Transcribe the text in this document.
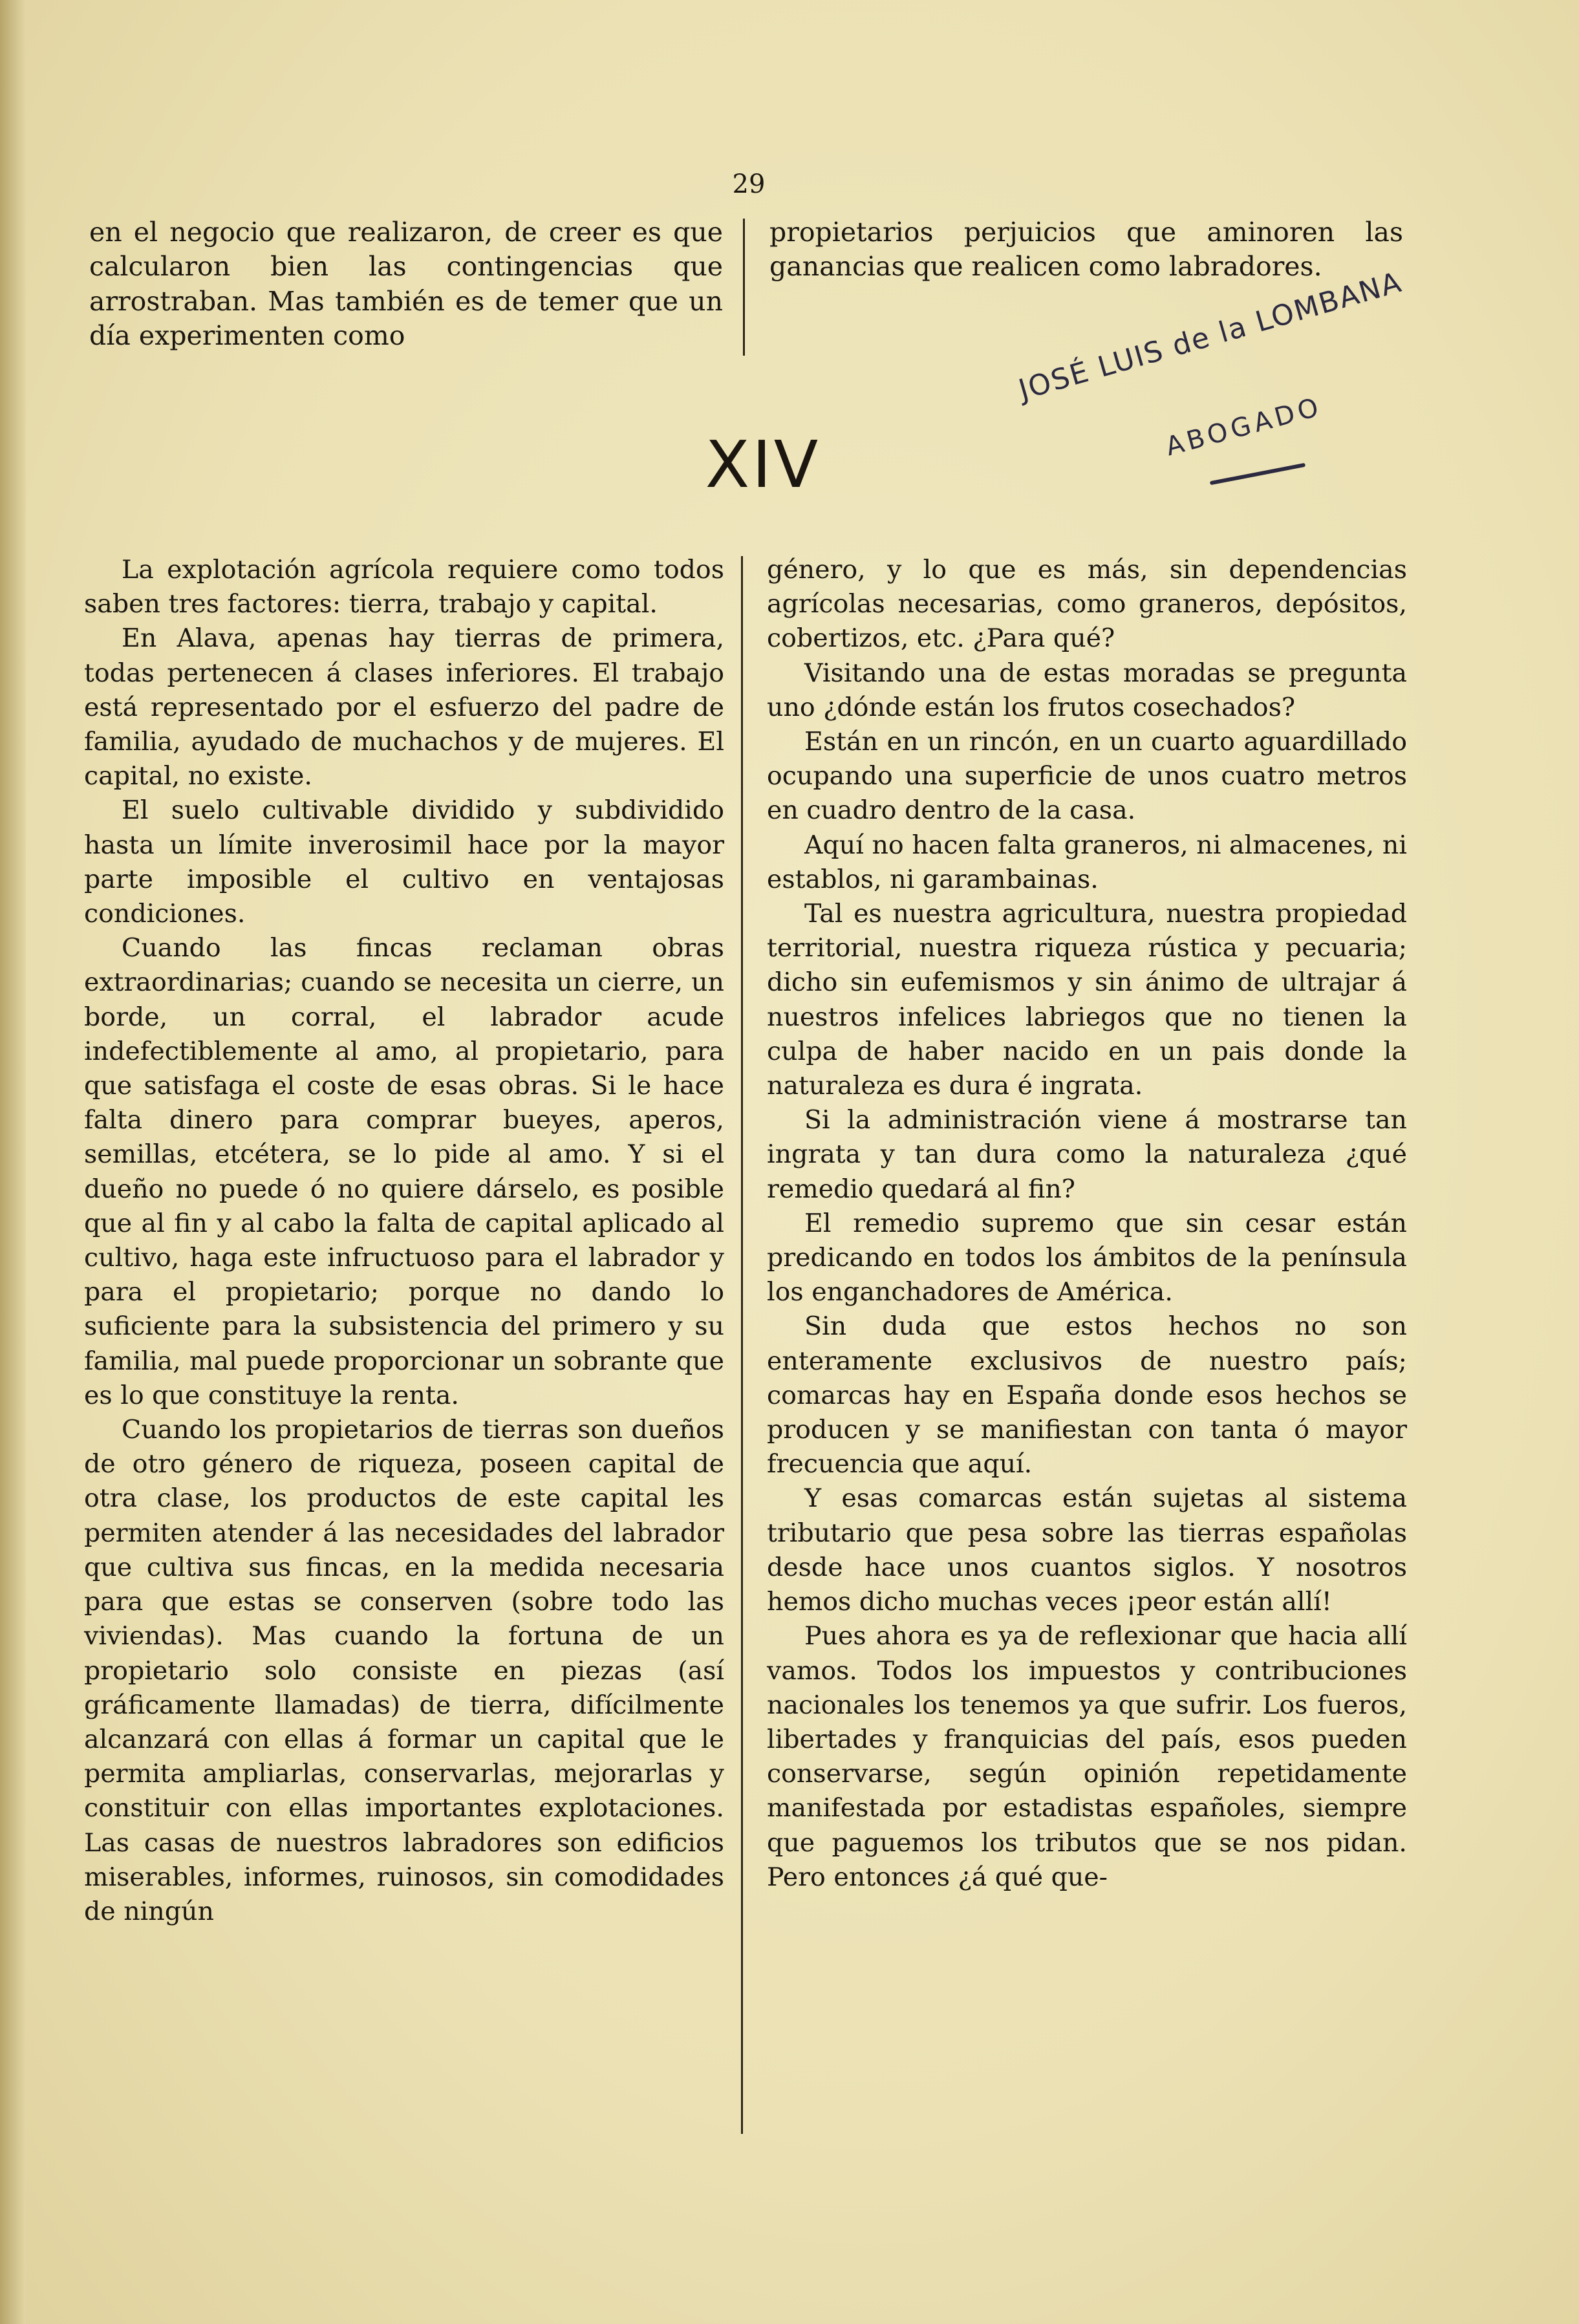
29

en el negocio que realizaron, de creer es que calcularon bien las contingencias que arrostraban. Mas también es de temer que un día experimenten como

propietarios perjuicios que aminoren las ganancias que realicen como labradores.

JOSÉ LUIS de la LOMBANA
ABOGADO
XIV

La explotación agrícola requiere como todos saben tres factores: tierra, trabajo y capital.

En Alava, apenas hay tierras de primera, todas pertenecen á clases inferiores. El trabajo está representado por el esfuerzo del padre de familia, ayudado de muchachos y de mujeres. El capital, no existe.

El suelo cultivable dividido y subdividido hasta un límite inverosimil hace por la mayor parte imposible el cultivo en ventajosas condiciones.

Cuando las fincas reclaman obras extraordinarias; cuando se necesita un cierre, un borde, un corral, el labrador acude indefectiblemente al amo, al propietario, para que satisfaga el coste de esas obras. Si le hace falta dinero para comprar bueyes, aperos, semillas, etcétera, se lo pide al amo. Y si el dueño no puede ó no quiere dárselo, es posible que al fin y al cabo la falta de capital aplicado al cultivo, haga este infructuoso para el labrador y para el propietario; porque no dando lo suficiente para la subsistencia del primero y su familia, mal puede proporcionar un sobrante que es lo que constituye la renta.

Cuando los propietarios de tierras son dueños de otro género de riqueza, poseen capital de otra clase, los productos de este capital les permiten atender á las necesidades del labrador que cultiva sus fincas, en la medida necesaria para que estas se conserven (sobre todo las viviendas). Mas cuando la fortuna de un propietario solo consiste en piezas (así gráficamente llamadas) de tierra, difícilmente alcanzará con ellas á formar un capital que le permita ampliarlas, conservarlas, mejorarlas y constituir con ellas importantes explotaciones. Las casas de nuestros labradores son edificios miserables, informes, ruinosos, sin comodidades de ningún

género, y lo que es más, sin dependencias agrícolas necesarias, como graneros, depósitos, cobertizos, etc. ¿Para qué?

Visitando una de estas moradas se pregunta uno ¿dónde están los frutos cosechados?

Están en un rincón, en un cuarto aguardillado ocupando una superficie de unos cuatro metros en cuadro dentro de la casa.

Aquí no hacen falta graneros, ni almacenes, ni establos, ni garambainas.

Tal es nuestra agricultura, nuestra propiedad territorial, nuestra riqueza rústica y pecuaria; dicho sin eufemismos y sin ánimo de ultrajar á nuestros infelices labriegos que no tienen la culpa de haber nacido en un pais donde la naturaleza es dura é ingrata.

Si la administración viene á mostrarse tan ingrata y tan dura como la naturaleza ¿qué remedio quedará al fin?

El remedio supremo que sin cesar están predicando en todos los ámbitos de la península los enganchadores de América.

Sin duda que estos hechos no son enteramente exclusivos de nuestro país; comarcas hay en España donde esos hechos se producen y se manifiestan con tanta ó mayor frecuencia que aquí.

Y esas comarcas están sujetas al sistema tributario que pesa sobre las tierras españolas desde hace unos cuantos siglos. Y nosotros hemos dicho muchas veces ¡peor están allí!

Pues ahora es ya de reflexionar que hacia allí vamos. Todos los impuestos y contribuciones nacionales los tenemos ya que sufrir. Los fueros, libertades y franquicias del país, esos pueden conservarse, según opinión repetidamente manifestada por estadistas españoles, siempre que paguemos los tributos que se nos pidan. Pero entonces ¿á qué que-
